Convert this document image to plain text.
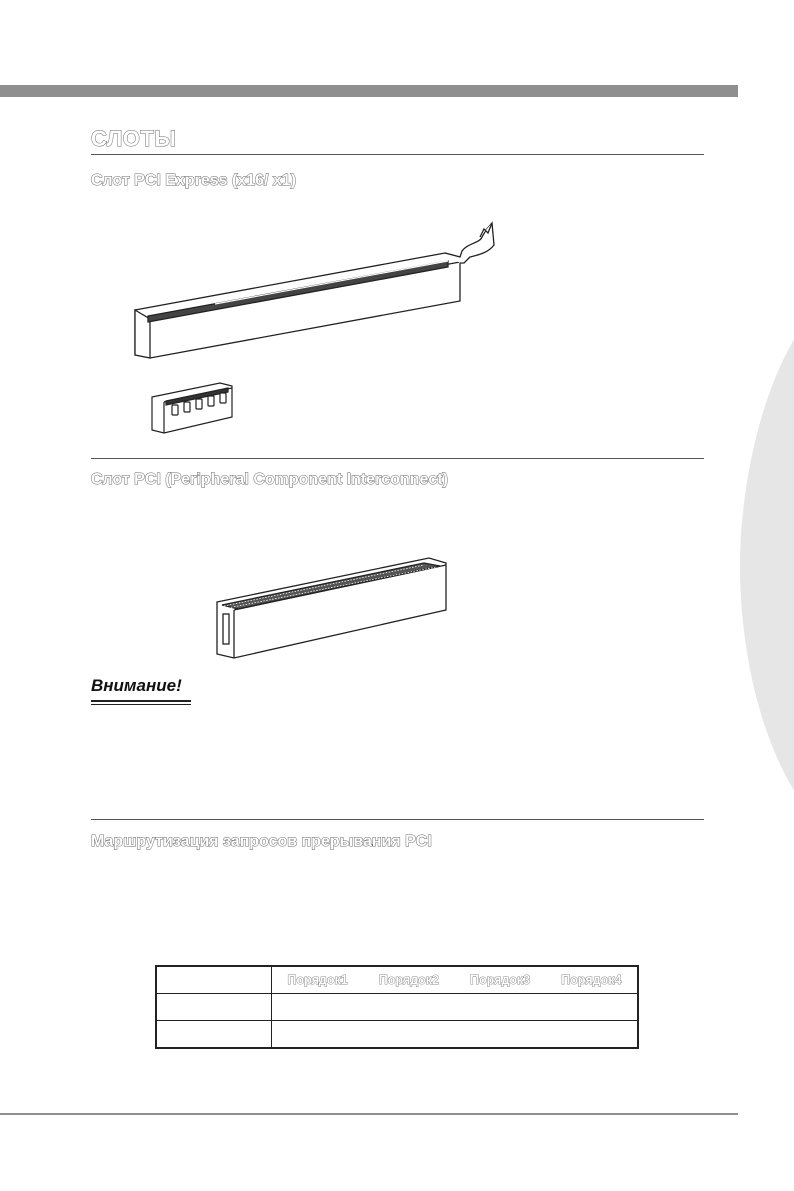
СЛОТЫ
Слот PCI Express (x16/ x1)
Слот PCI (Peripheral Component Interconnect)
Внимание!
Маршрутизация запросов прерывания PCI

	Порядок1 Порядок2 Порядок3 Порядок4
